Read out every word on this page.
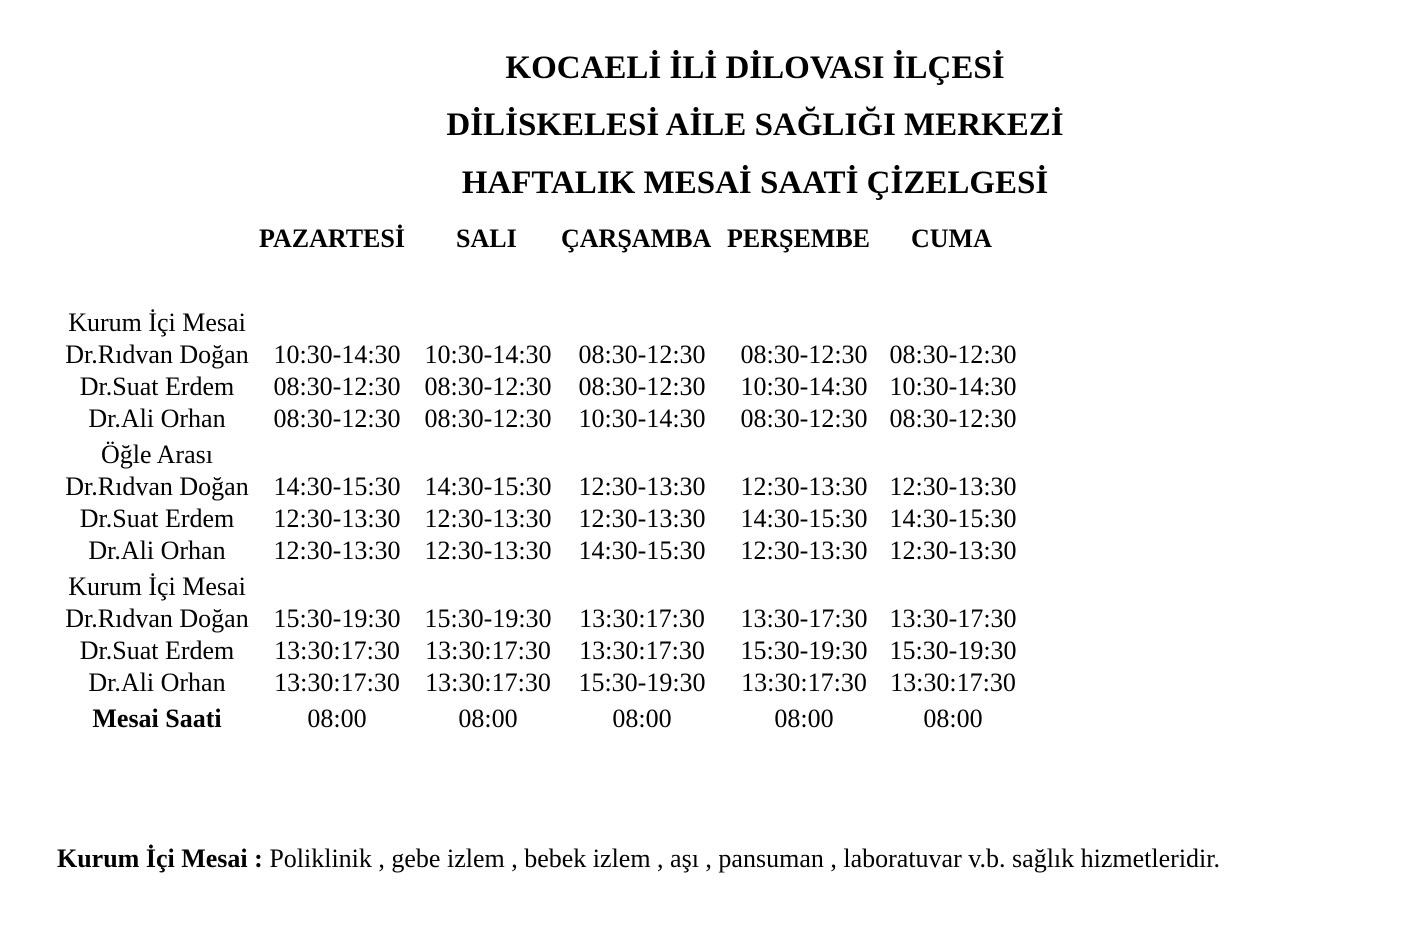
KOCAELİ İLİ DİLOVASI İLÇESİ
DİLİSKELESİ AİLE SAĞLIĞI MERKEZİ
HAFTALIK MESAİ SAATİ ÇİZELGESİ
PAZARTESİ SALI ÇARŞAMBA PERŞEMBE CUMA
Kurum İçi Mesai
Dr.Rıdvan Doğan 10:30-14:30 10:30-14:30	08:30-12:30	08:30-12:30 08:30-12:30
Dr.Suat Erdem	08:30-12:30 08:30-12:30	08:30-12:30	10:30-14:30 10:30-14:30
Dr.Ali Orhan	08:30-12:30 08:30-12:30	10:30-14:30	08:30-12:30 08:30-12:30
Öğle Arası
Dr.Rıdvan Doğan 14:30-15:30 14:30-15:30	12:30-13:30	12:30-13:30 12:30-13:30
Dr.Suat Erdem	12:30-13:30 12:30-13:30	12:30-13:30	14:30-15:30 14:30-15:30
Dr.Ali Orhan	12:30-13:30 12:30-13:30	14:30-15:30	12:30-13:30 12:30-13:30
Kurum İçi Mesai
Dr.Rıdvan Doğan 15:30-19:30 15:30-19:30	13:30:17:30	13:30-17:30 13:30-17:30
Dr.Suat Erdem	13:30:17:30 13:30:17:30	13:30:17:30	15:30-19:30 15:30-19:30
Dr.Ali Orhan	13:30:17:30 13:30:17:30	15:30-19:30	13:30:17:30 13:30:17:30
Mesai Saati	08:00	08:00	08:00	08:00	08:00
Kurum İçi Mesai : Poliklinik , gebe izlem , bebek izlem , aşı , pansuman , laboratuvar v.b. sağlık hizmetleridir.
